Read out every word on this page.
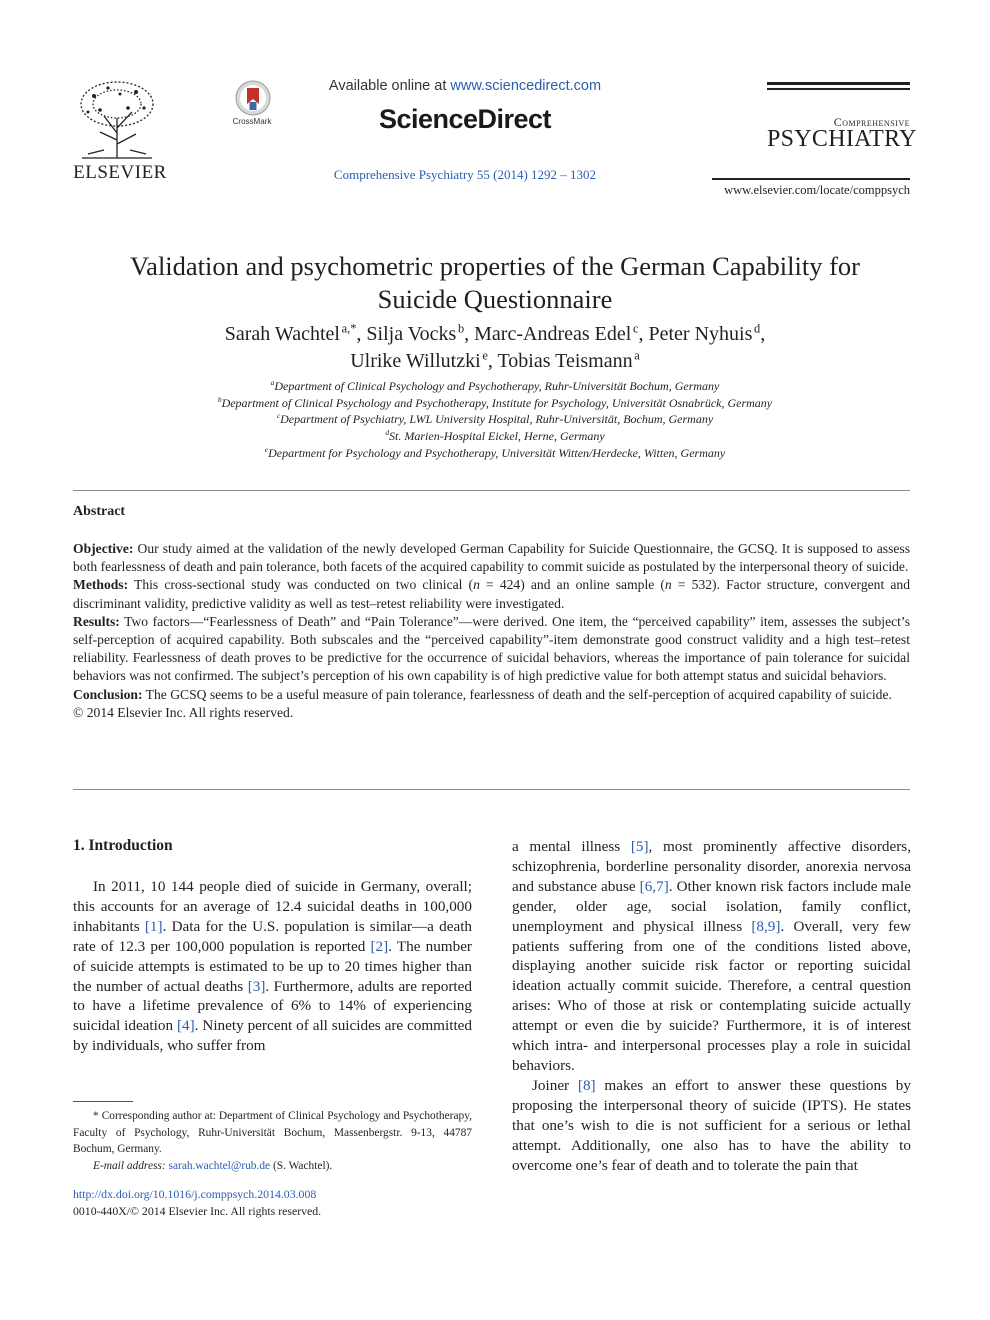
ELSEVIER
CrossMark
Available online at www.sciencedirect.com
ScienceDirect
Comprehensive Psychiatry 55 (2014) 1292 – 1302
Comprehensive
PSYCHIATRY
www.elsevier.com/locate/comppsych
Validation and psychometric properties of the German Capability for
Suicide Questionnaire
Sarah Wachtel  $^{a,*}$, Silja Vocks  $^b$, Marc-Andreas Edel  $^c$, Peter Nyhuis  $^d$,
Ulrike Willutzki  $^e$, Tobias Teismann  $^a$
$^a$Department of Clinical Psychology and Psychotherapy, Ruhr-Universität Bochum, Germany
$^b$Department of Clinical Psychology and Psychotherapy, Institute for Psychology, Universität Osnabrück, Germany
$^c$Department of Psychiatry, LWL University Hospital, Ruhr-Universität, Bochum, Germany
$^d$St. Marien-Hospital Eickel, Herne, Germany
$^e$Department for Psychology and Psychotherapy, Universität Witten/Herdecke, Witten, Germany
Abstract

Objective: Our study aimed at the validation of the newly developed German Capability for Suicide Questionnaire, the GCSQ. It is supposed to assess both fearlessness of death and pain tolerance, both facets of the acquired capability to commit suicide as postulated by the interpersonal theory of suicide.

Methods: This cross-sectional study was conducted on two clinical (n = 424) and an online sample (n = 532). Factor structure, convergent and discriminant validity, predictive validity as well as test–retest reliability were investigated.

Results: Two factors—“Fearlessness of Death” and “Pain Tolerance”—were derived. One item, the “perceived capability” item, assesses the subject’s self-perception of acquired capability. Both subscales and the “perceived capability”-item demonstrate good construct validity and a high test–retest reliability. Fearlessness of death proves to be predictive for the occurrence of suicidal behaviors, whereas the importance of pain tolerance for suicidal behaviors was not confirmed. The subject’s perception of his own capability is of high predictive value for both attempt status and suicidal behaviors.

Conclusion: The GCSQ seems to be a useful measure of pain tolerance, fearlessness of death and the self-perception of acquired capability of suicide.

© 2014 Elsevier Inc. All rights reserved.

1. Introduction

In 2011, 10 144 people died of suicide in Germany, overall; this accounts for an average of 12.4 suicidal deaths in 100,000 inhabitants [1]. Data for the U.S. population is similar—a death rate of 12.3 per 100,000 population is reported [2]. The number of suicide attempts is estimated to be up to 20 times higher than the number of actual deaths [3]. Furthermore, adults are reported to have a lifetime prevalence of 6% to 14% of experiencing suicidal ideation [4]. Ninety percent of all suicides are committed by individuals, who suffer from

a mental illness [5], most prominently affective disorders, schizophrenia, borderline personality disorder, anorexia nervosa and substance abuse [6,7]. Other known risk factors include male gender, older age, social isolation, family conflict, unemployment and physical illness [8,9]. Overall, very few patients suffering from one of the conditions listed above, displaying another suicide risk factor or reporting suicidal ideation actually commit suicide. Therefore, a central question arises: Who of those at risk or contemplating suicide actually attempt or even die by suicide? Furthermore, it is of interest which intra- and interpersonal processes play a role in suicidal behaviors.

Joiner [8] makes an effort to answer these questions by proposing the interpersonal theory of suicide (IPTS). He states that one’s wish to die is not sufficient for a serious or lethal attempt. Additionally, one also has to have the ability to overcome one’s fear of death and to tolerate the pain that

* Corresponding author at: Department of Clinical Psychology and Psychotherapy, Faculty of Psychology, Ruhr-Universität Bochum, Massenbergstr. 9-13, 44787 Bochum, Germany.

E-mail address: sarah.wachtel@rub.de (S. Wachtel).

http://dx.doi.org/10.1016/j.comppsych.2014.03.008
0010-440X/© 2014 Elsevier Inc. All rights reserved.
